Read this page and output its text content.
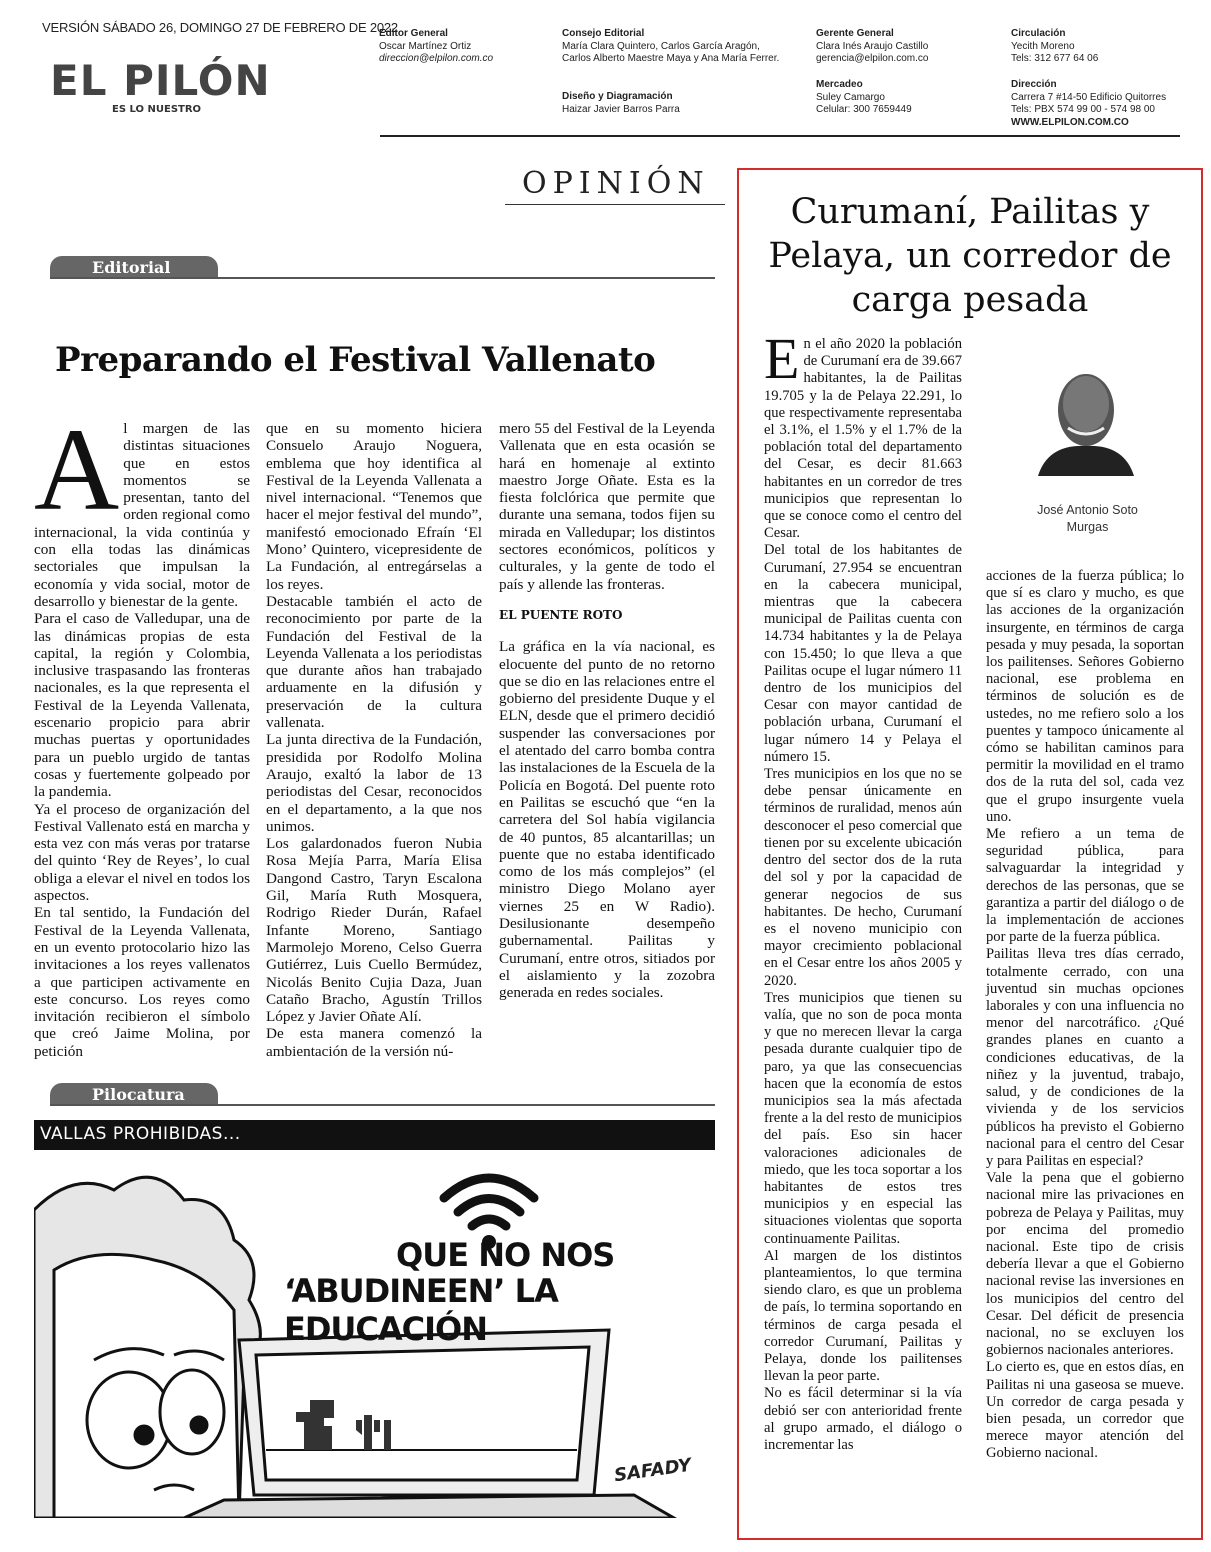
VERSIÓN SÁBADO 26, DOMINGO 27 DE FEBRERO DE 2022
EL PILÓN
ES LO NUESTRO
Editor General
Oscar Martínez Ortiz
direccion@elpilon.com.co
Consejo Editorial
María Clara Quintero, Carlos García Aragón, Carlos Alberto Maestre Maya y Ana María Ferrer.
Diseño y Diagramación
Haizar Javier Barros Parra
Gerente General
Clara Inés Araujo Castillo
gerencia@elpilon.com.co
Mercadeo
Suley Camargo
Celular: 300 7659449
Circulación
Yecith Moreno
Tels: 312 677 64 06
Dirección
Carrera 7 #14-50 Edificio Quitorres
Tels: PBX 574 99 00 - 574 98 00
WWW.ELPILON.COM.CO
OPINIÓN
Editorial
Preparando el Festival Vallenato
A l margen de las distintas situaciones que en estos momentos se presentan, tanto del orden regional como internacional, la vida continúa y con ella todas las dinámicas sectoriales que impulsan la economía y vida social, motor de desarrollo y bienestar de la gente.

Para el caso de Valledupar, una de las dinámicas propias de esta capital, la región y Colombia, inclusive traspasando las fronteras nacionales, es la que representa el Festival de la Leyenda Vallenata, escenario propicio para abrir muchas puertas y oportunidades para un pueblo urgido de tantas cosas y fuertemente golpeado por la pandemia.

Ya el proceso de organización del Festival Vallenato está en marcha y esta vez con más veras por tratarse del quinto ‘Rey de Reyes’, lo cual obliga a elevar el nivel en todos los aspectos.

En tal sentido, la Fundación del Festival de la Leyenda Vallenata, en un evento protocolario hizo las invitaciones a los reyes vallenatos a que participen activamente en este concurso. Los reyes como invitación recibieron el símbolo que creó Jaime Molina, por petición

que en su momento hiciera Consuelo Araujo Noguera, emblema que hoy identifica al Festival de la Leyenda Vallenata a nivel internacional. “Tenemos que hacer el mejor festival del mundo”, manifestó emocionado Efraín ‘El Mono’ Quintero, vicepresidente de La Fundación, al entregárselas a los reyes.

Destacable también el acto de reconocimiento por parte de la Fundación del Festival de la Leyenda Vallenata a los periodistas que durante años han trabajado arduamente en la difusión y preservación de la cultura vallenata.

La junta directiva de la Fundación, presidida por Rodolfo Molina Araujo, exaltó la labor de 13 periodistas del Cesar, reconocidos en el departamento, a la que nos unimos.

Los galardonados fueron Nubia Rosa Mejía Parra, María Elisa Dangond Castro, Taryn Escalona Gil, María Ruth Mosquera, Rodrigo Rieder Durán, Rafael Infante Moreno, Santiago Marmolejo Moreno, Celso Guerra Gutiérrez, Luis Cuello Bermúdez, Nicolás Benito Cujia Daza, Juan Cataño Bracho, Agustín Trillos López y Javier Oñate Alí.

De esta manera comenzó la ambientación de la versión nú-

mero 55 del Festival de la Leyenda Vallenata que en esta ocasión se hará en homenaje al extinto maestro Jorge Oñate. Esta es la fiesta folclórica que permite que durante una semana, todos fijen su mirada en Valledupar; los distintos sectores económicos, políticos y culturales, y la gente de todo el país y allende las fronteras.

EL PUENTE ROTO

La gráfica en la vía nacional, es elocuente del punto de no retorno que se dio en las relaciones entre el gobierno del presidente Duque y el ELN, desde que el primero decidió suspender las conversaciones por el atentado del carro bomba contra las instalaciones de la Escuela de la Policía en Bogotá. Del puente roto en Pailitas se escuchó que “en la carretera del Sol había vigilancia de 40 puntos, 85 alcantarillas; un puente que no estaba identificado como de los más complejos” (el ministro Diego Molano ayer viernes 25 en W Radio). Desilusionante desempeño gubernamental. Pailitas y Curumaní, entre otros, sitiados por el aislamiento y la zozobra generada en redes sociales.

Pilocatura
VALLAS PROHIBIDAS...
QUE NO NOS
‘ABUDINEEN’ LA EDUCACIÓN
SAFADY
Curumaní, Pailitas y Pelaya, un corredor de carga pesada
José Antonio Soto Murgas
E n el año 2020 la población de Curumaní era de 39.667 habitantes, la de Pailitas 19.705 y la de Pelaya 22.291, lo que respectivamente representaba el 3.1%, el 1.5% y el 1.7% de la población total del departamento del Cesar, es decir 81.663 habitantes en un corredor de tres municipios que representan lo que se conoce como el centro del Cesar.

Del total de los habitantes de Curumaní, 27.954 se encuentran en la cabecera municipal, mientras que la cabecera municipal de Pailitas cuenta con 14.734 habitantes y la de Pelaya con 15.450; lo que lleva a que Pailitas ocupe el lugar número 11 dentro de los municipios del Cesar con mayor cantidad de población urbana, Curumaní el lugar número 14 y Pelaya el número 15.

Tres municipios en los que no se debe pensar únicamente en términos de ruralidad, menos aún desconocer el peso comercial que tienen por su excelente ubicación dentro del sector dos de la ruta del sol y por la capacidad de generar negocios de sus habitantes. De hecho, Curumaní es el noveno municipio con mayor crecimiento poblacional en el Cesar entre los años 2005 y 2020.

Tres municipios que tienen su valía, que no son de poca monta y que no merecen llevar la carga pesada durante cualquier tipo de paro, ya que las consecuencias hacen que la economía de estos municipios sea la más afectada frente a la del resto de municipios del país. Eso sin hacer valoraciones adicionales de miedo, que les toca soportar a los habitantes de estos tres municipios y en especial las situaciones violentas que soporta continuamente Pailitas.

Al margen de los distintos planteamientos, lo que termina siendo claro, es que un problema de país, lo termina soportando en términos de carga pesada el corredor Curumaní, Pailitas y Pelaya, donde los pailitenses llevan la peor parte.

No es fácil determinar si la vía debió ser con anterioridad frente al grupo armado, el diálogo o incrementar las

acciones de la fuerza pública; lo que sí es claro y mucho, es que las acciones de la organización insurgente, en términos de carga pesada y muy pesada, la soportan los pailitenses. Señores Gobierno nacional, ese problema en términos de solución es de ustedes, no me refiero solo a los puentes y tampoco únicamente al cómo se habilitan caminos para permitir la movilidad en el tramo dos de la ruta del sol, cada vez que el grupo insurgente vuela uno.

Me refiero a un tema de seguridad pública, para salvaguardar la integridad y derechos de las personas, que se garantiza a partir del diálogo o de la implementación de acciones por parte de la fuerza pública.

Pailitas lleva tres días cerrado, totalmente cerrado, con una juventud sin muchas opciones laborales y con una influencia no menor del narcotráfico. ¿Qué grandes planes en cuanto a condiciones educativas, de la niñez y la juventud, trabajo, salud, y de condiciones de la vivienda y de los servicios públicos ha previsto el Gobierno nacional para el centro del Cesar y para Pailitas en especial?

Vale la pena que el gobierno nacional mire las privaciones en pobreza de Pelaya y Pailitas, muy por encima del promedio nacional. Este tipo de crisis debería llevar a que el Gobierno nacional revise las inversiones en los municipios del centro del Cesar. Del déficit de presencia nacional, no se excluyen los gobiernos nacionales anteriores.

Lo cierto es, que en estos días, en Pailitas ni una gaseosa se mueve. Un corredor de carga pesada y bien pesada, un corredor que merece mayor atención del Gobierno nacional.
